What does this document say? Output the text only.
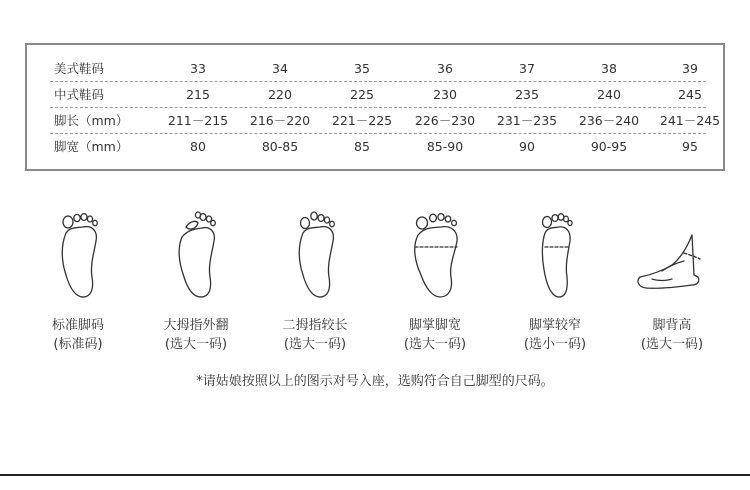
美式鞋码	33	34	35	36	37	38	39
中式鞋码	215	220	225	230	235	240	245
脚长（mm）	211－215	216－220	221－225	226－230	231－235	236－240	241－245
脚宽（mm）	80	80-85	85	85-90	90	90-95	95
标准脚码
(标准码)
大拇指外翻
(选大一码)
二拇指较长
(选大一码)
脚掌脚宽
(选大一码)
脚掌较窄
(选小一码)
脚背高
(选大一码)
*请姑娘按照以上的图示对号入座，选购符合自己脚型的尺码。
